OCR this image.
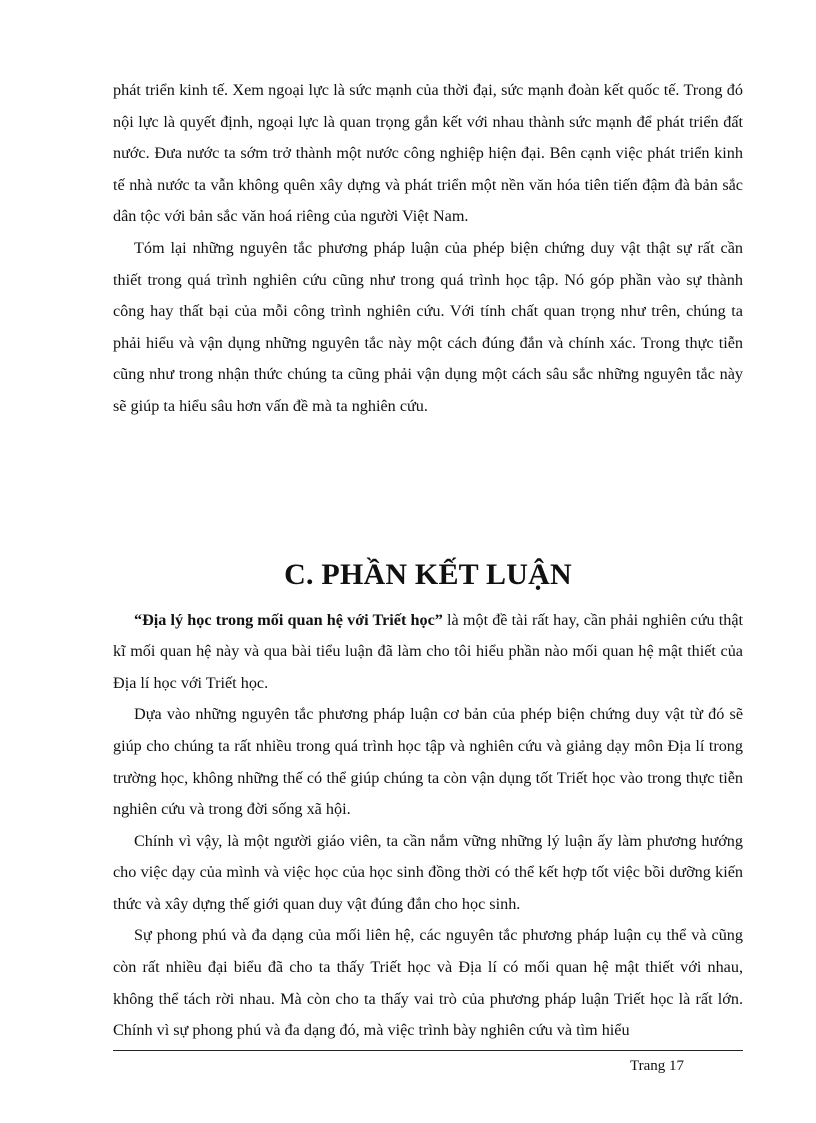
phát triển kinh tế. Xem ngoại lực là sức mạnh của thời đại, sức mạnh đoàn kết quốc tế. Trong đó nội lực là quyết định, ngoại lực là quan trọng gắn kết với nhau thành sức mạnh để phát triển đất nước. Đưa nước ta sớm trở thành một nước công nghiệp hiện đại. Bên cạnh việc phát triển kinh tế nhà nước ta vẫn không quên xây dựng và phát triển một nền văn hóa tiên tiến đậm đà bản sắc dân tộc với bản sắc văn hoá riêng của người Việt Nam.

Tóm lại những nguyên tắc phương pháp luận của phép biện chứng duy vật thật sự rất cần thiết trong quá trình nghiên cứu cũng như trong quá trình học tập. Nó góp phần vào sự thành công hay thất bại của mỗi công trình nghiên cứu. Với tính chất quan trọng như trên, chúng ta phải hiểu và vận dụng những nguyên tắc này một cách đúng đắn và chính xác. Trong thực tiễn cũng như trong nhận thức chúng ta cũng phải vận dụng một cách sâu sắc những nguyên tắc này sẽ giúp ta hiểu sâu hơn vấn đề mà ta nghiên cứu.

C. PHẦN KẾT LUẬN

“Địa lý học trong mối quan hệ với Triết học” là một đề tài rất hay, cần phải nghiên cứu thật kĩ mối quan hệ này và qua bài tiểu luận đã làm cho tôi hiểu phần nào mối quan hệ mật thiết của Địa lí học với Triết học.

Dựa vào những nguyên tắc phương pháp luận cơ bản của phép biện chứng duy vật từ đó sẽ giúp cho chúng ta rất nhiều trong quá trình học tập và nghiên cứu và giảng dạy môn Địa lí trong trường học, không những thế có thể giúp chúng ta còn vận dụng tốt Triết học vào trong thực tiễn nghiên cứu và trong đời sống xã hội.

Chính vì vậy, là một người giáo viên, ta cần nắm vững những lý luận ấy làm phương hướng cho việc dạy của mình và việc học của học sinh đồng thời có thể kết hợp tốt việc bồi dưỡng kiến thức và xây dựng thế giới quan duy vật đúng đắn cho học sinh.

Sự phong phú và đa dạng của mối liên hệ, các nguyên tắc phương pháp luận cụ thể và cũng còn rất nhiều đại biểu đã cho ta thấy Triết học và Địa lí có mối quan hệ mật thiết với nhau, không thể tách rời nhau. Mà còn cho ta thấy vai trò của phương pháp luận Triết học là rất lớn. Chính vì sự phong phú và đa dạng đó, mà việc trình bày nghiên cứu và tìm hiểu

Trang 17
